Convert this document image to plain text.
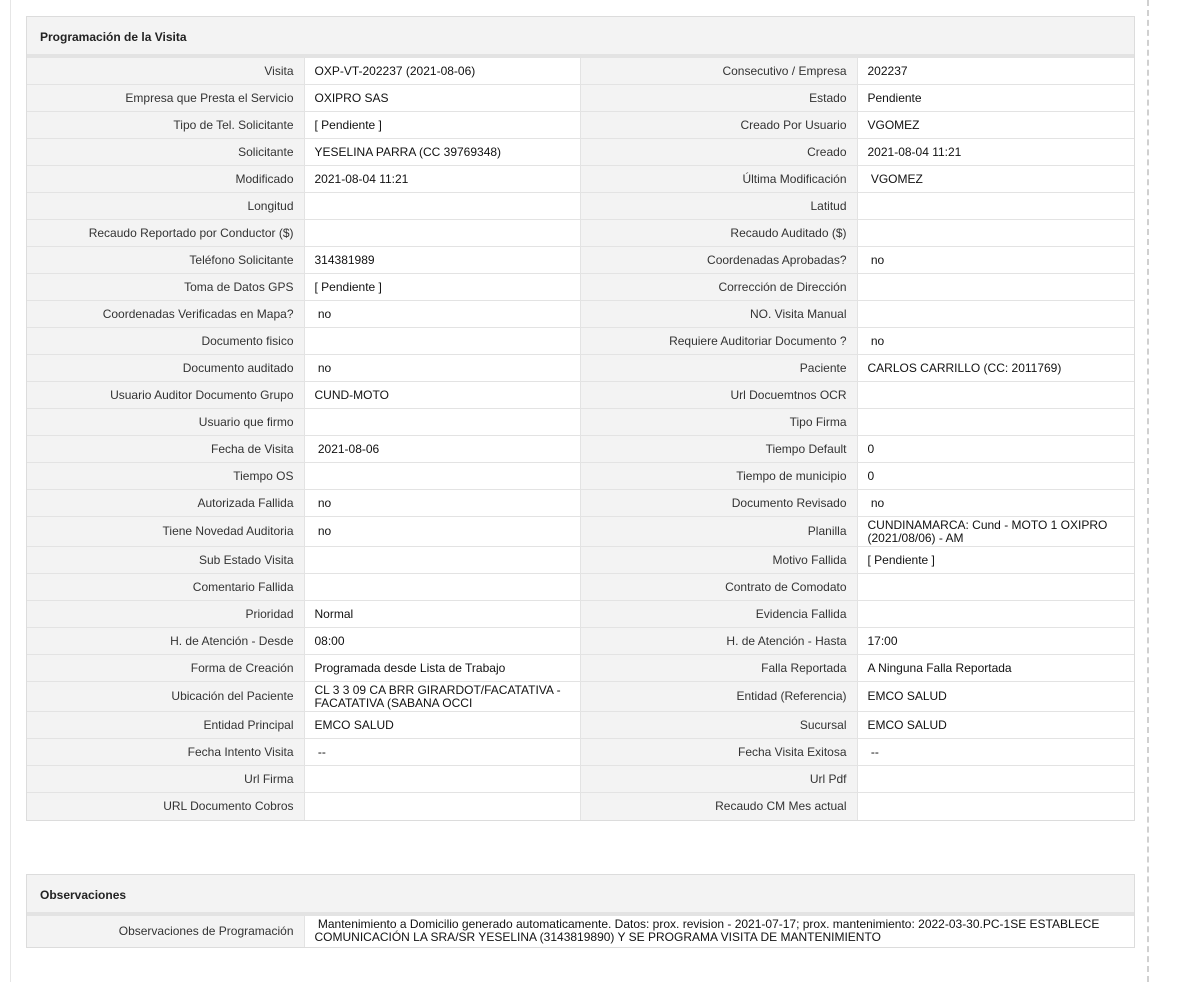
Programación de la Visita
Visita	OXP-VT-202237 (2021-08-06)	Consecutivo / Empresa	202237
Empresa que Presta el Servicio	OXIPRO SAS	Estado	Pendiente
Tipo de Tel. Solicitante	[ Pendiente ]	Creado Por Usuario	VGOMEZ
Solicitante	YESELINA PARRA (CC 39769348)	Creado	2021-08-04 11:21
Modificado	2021-08-04 11:21	Última Modificación	VGOMEZ
Longitud		Latitud	
Recaudo Reportado por Conductor ($)		Recaudo Auditado ($)	
Teléfono Solicitante	314381989	Coordenadas Aprobadas?	no
Toma de Datos GPS	[ Pendiente ]	Corrección de Dirección	
Coordenadas Verificadas en Mapa?	no	NO. Visita Manual	
Documento fisico		Requiere Auditoriar Documento ?	no
Documento auditado	no	Paciente	CARLOS CARRILLO (CC: 2011769)
Usuario Auditor Documento Grupo	CUND-MOTO	Url Docuemtnos OCR	
Usuario que firmo		Tipo Firma	
Fecha de Visita	2021-08-06	Tiempo Default	0
Tiempo OS		Tiempo de municipio	0
Autorizada Fallida	no	Documento Revisado	no
Tiene Novedad Auditoria	no	Planilla	CUNDINAMARCA: Cund - MOTO 1 OXIPRO (2021/08/06) - AM
Sub Estado Visita		Motivo Fallida	[ Pendiente ]
Comentario Fallida		Contrato de Comodato	
Prioridad	Normal	Evidencia Fallida	
H. de Atención - Desde	08:00	H. de Atención - Hasta	17:00
Forma de Creación	Programada desde Lista de Trabajo	Falla Reportada	A Ninguna Falla Reportada
Ubicación del Paciente	CL 3 3 09 CA BRR GIRARDOT/FACATATIVA - FACATATIVA (SABANA OCCI	Entidad (Referencia)	EMCO SALUD
Entidad Principal	EMCO SALUD	Sucursal	EMCO SALUD
Fecha Intento Visita	--	Fecha Visita Exitosa	--
Url Firma		Url Pdf	
URL Documento Cobros		Recaudo CM Mes actual	
Observaciones
Observaciones de Programación	Mantenimiento a Domicilio generado automaticamente. Datos: prox. revision - 2021-07-17; prox. mantenimiento: 2022-03-30.PC-1SE ESTABLECE COMUNICACIÓN LA SRA/SR YESELINA (3143819890) Y SE PROGRAMA VISITA DE MANTENIMIENTO
